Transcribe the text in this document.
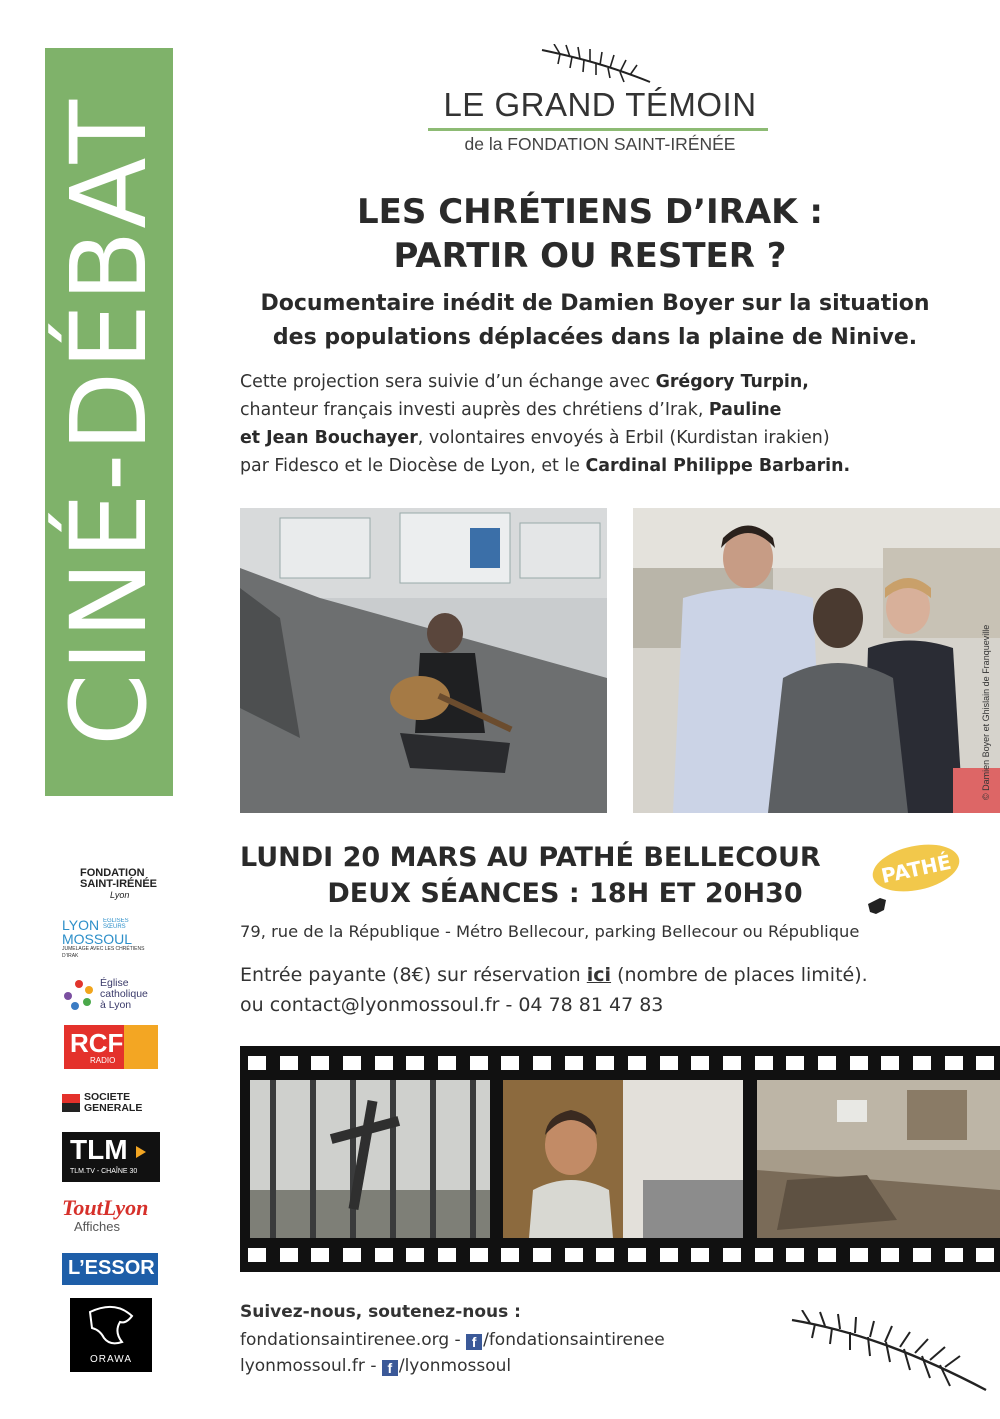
CINÉ-DÉBAT	LE GRAND TÉMOIN
de la FONDATION SAINT-IRÉNÉE
LES CHRÉTIENS D’IRAK :
PARTIR OU RESTER ?
Documentaire inédit de Damien Boyer sur la situation
des populations déplacées dans la plaine de Ninive.
Cette projection sera suivie d’un échange avec Grégory Turpin,
chanteur français investi auprès des chrétiens d’Irak, Pauline
et Jean Bouchayer, volontaires envoyés à Erbil (Kurdistan irakien)
par Fidesco et le Diocèse de Lyon, et le Cardinal Philippe Barbarin.
© Damien Boyer et Ghislain de Franqueville
LUNDI 20 MARS AU PATHÉ BELLECOUR
DEUX SÉANCES : 18H ET 20H30
PATHÉ
79, rue de la République - Métro Bellecour, parking Bellecour ou République
Entrée payante (8€) sur réservation ici (nombre de places limité).
ou contact@lyonmossoul.fr - 04 78 81 47 83
Suivez-nous, soutenez-nous :
fondationsaintirenee.org - f /fondationsaintirenee
lyonmossoul.fr - f /lyonmossoul
FONDATION
SAINT-IRÉNÉE
Lyon
LYON ÉGLISES
SŒURS
MOSSOUL
JUMELAGE AVEC LES CHRÉTIENS D’IRAK
Église
catholique
à Lyon
RCF
RADIO
SOCIETE
GENERALE
TLM
TLM.TV - CHAÎNE 30
ToutLyon
Affiches
L’ESSOR
ORAWA
